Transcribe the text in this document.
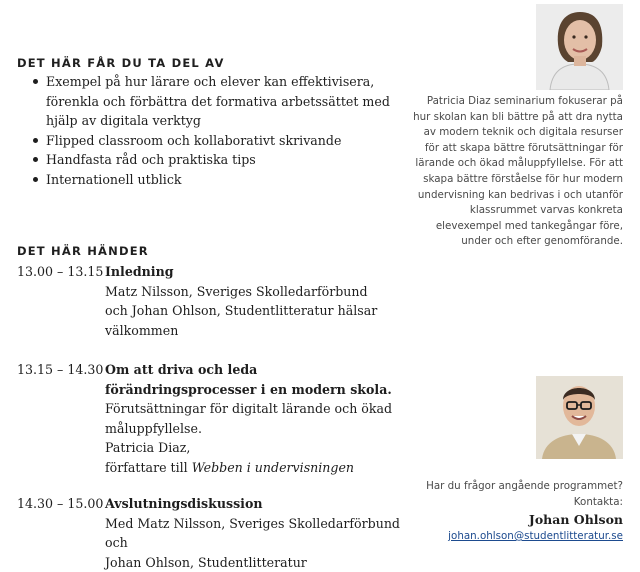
DET HÄR FÅR DU TA DEL AV
Exempel på hur lärare och elever kan effektivisera, förenkla och förbättra det formativa arbetssättet med hjälp av digitala verktyg
Flipped classroom och kollaborativt skrivande
Handfasta råd och praktiska tips
Internationell utblick
DET HÄR HÄNDER
13.00 – 13.15 Inledning
Matz Nilsson, Sveriges Skolledarförbund
och Johan Ohlson, Studentlitteratur hälsar
välkommen
13.15 – 14.30 Om att driva och leda förändringsprocesser i en modern skola.
Förutsättningar för digitalt lärande och ökad måluppfyllelse.
Patricia Diaz,
författare till Webben i undervisningen
14.30 – 15.00 Avslutningsdiskussion
Med Matz Nilsson, Sveriges Skolledarförbund och
Johan Ohlson, Studentlitteratur
Patricia Diaz seminarium fokuserar på hur skolan kan bli bättre på att dra nytta av modern teknik och digitala resurser för att skapa bättre förutsättningar för lärande och ökad måluppfyllelse. För att skapa bättre förståelse för hur modern undervisning kan bedrivas i och utanför klassrummet varvas konkreta elevexempel med tankegångar före, under och efter genomförande.
Har du frågor angående programmet?
Kontakta:
Johan Ohlson
johan.ohlson@studentlitteratur.se
